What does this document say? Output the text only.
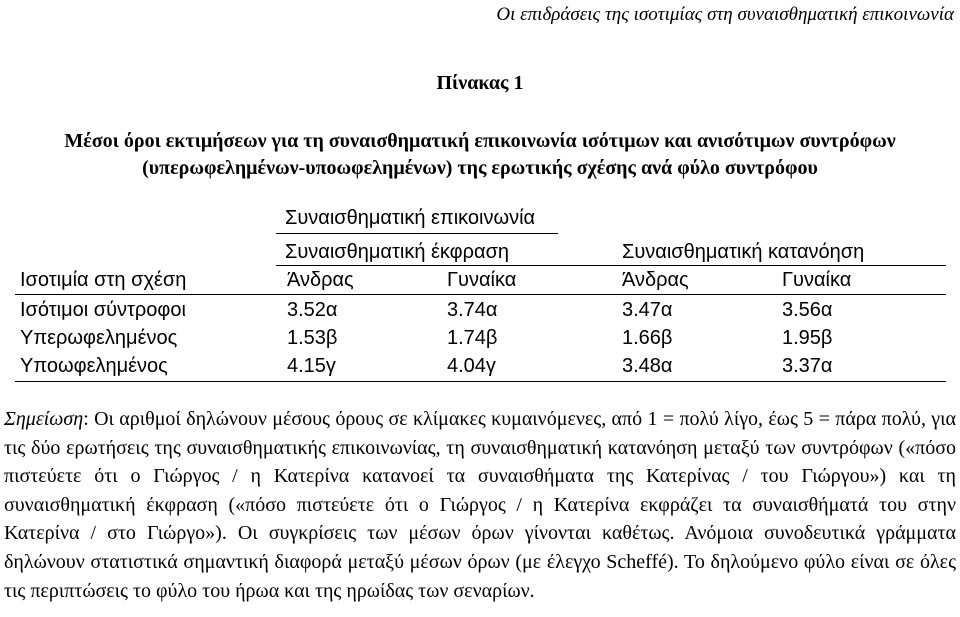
Οι επιδράσεις της ισοτιμίας στη συναισθηματική επικοινωνία
Πίνακας 1
Μέσοι όροι εκτιμήσεων για τη συναισθηματική επικοινωνία ισότιμων και ανισότιμων συντρόφων
(υπερωφελημένων-υποωφελημένων) της ερωτικής σχέσης ανά φύλο συντρόφου
Συναισθηματική επικοινωνία
Συναισθηματική έκφραση	Συναισθηματική κατανόηση
Ισοτιμία στη σχέση	Άνδρας	Γυναίκα	Άνδρας	Γυναίκα
Ισότιμοι σύντροφοι	3.52α	3.74α	3.47α	3.56α
Υπερωφελημένος	1.53β	1.74β	1.66β	1.95β
Υποωφελημένος	4.15γ	4.04γ	3.48α	3.37α
Σημείωση: Οι αριθμοί δηλώνουν μέσους όρους σε κλίμακες κυμαινόμενες, από 1 = πολύ λίγο, έως 5 = πάρα πολύ, για τις δύο ερωτήσεις της συναισθηματικής επικοινωνίας, τη συναισθηματική κατανόηση μεταξύ των συντρόφων («πόσο πιστεύετε ότι ο Γιώργος / η Κατερίνα κατανοεί τα συναισθήματα της Κατερίνας / του Γιώργου») και τη συναισθηματική έκφραση («πόσο πιστεύετε ότι ο Γιώργος / η Κατερίνα εκφράζει τα συναισθήματά του στην Κατερίνα / στο Γιώργο»). Οι συγκρίσεις των μέσων όρων γίνονται καθέτως. Ανόμοια συνοδευτικά γράμματα δηλώνουν στατιστικά σημαντική διαφορά μεταξύ μέσων όρων (με έλεγχο Scheffé). Το δηλούμενο φύλο είναι σε όλες τις περιπτώσεις το φύλο του ήρωα και της ηρωίδας των σεναρίων.
